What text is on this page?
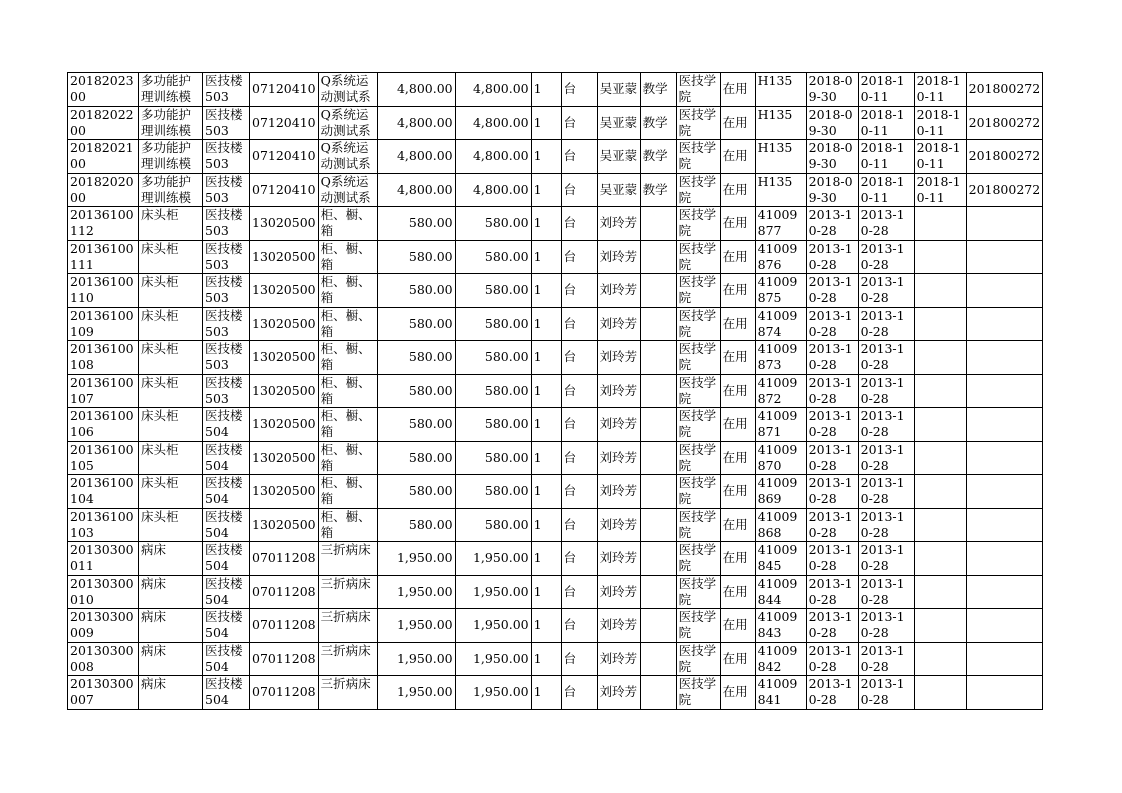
2018202300	多功能护理训练模	医技楼503	07120410	Q系统运动测试系	4,800.00	4,800.00	1	台	吴亚蒙	教学	医技学院	在用	H135	2018-09-30	2018-10-11	2018-10-11	201800272
2018202200	多功能护理训练模	医技楼503	07120410	Q系统运动测试系	4,800.00	4,800.00	1	台	吴亚蒙	教学	医技学院	在用	H135	2018-09-30	2018-10-11	2018-10-11	201800272
2018202100	多功能护理训练模	医技楼503	07120410	Q系统运动测试系	4,800.00	4,800.00	1	台	吴亚蒙	教学	医技学院	在用	H135	2018-09-30	2018-10-11	2018-10-11	201800272
2018202000	多功能护理训练模	医技楼503	07120410	Q系统运动测试系	4,800.00	4,800.00	1	台	吴亚蒙	教学	医技学院	在用	H135	2018-09-30	2018-10-11	2018-10-11	201800272
20136100112	床头柜	医技楼503	13020500	柜、橱、箱	580.00	580.00	1	台	刘玲芳		医技学院	在用	41009877	2013-10-28	2013-10-28		
20136100111	床头柜	医技楼503	13020500	柜、橱、箱	580.00	580.00	1	台	刘玲芳		医技学院	在用	41009876	2013-10-28	2013-10-28		
20136100110	床头柜	医技楼503	13020500	柜、橱、箱	580.00	580.00	1	台	刘玲芳		医技学院	在用	41009875	2013-10-28	2013-10-28		
20136100109	床头柜	医技楼503	13020500	柜、橱、箱	580.00	580.00	1	台	刘玲芳		医技学院	在用	41009874	2013-10-28	2013-10-28		
20136100108	床头柜	医技楼503	13020500	柜、橱、箱	580.00	580.00	1	台	刘玲芳		医技学院	在用	41009873	2013-10-28	2013-10-28		
20136100107	床头柜	医技楼503	13020500	柜、橱、箱	580.00	580.00	1	台	刘玲芳		医技学院	在用	41009872	2013-10-28	2013-10-28		
20136100106	床头柜	医技楼504	13020500	柜、橱、箱	580.00	580.00	1	台	刘玲芳		医技学院	在用	41009871	2013-10-28	2013-10-28		
20136100105	床头柜	医技楼504	13020500	柜、橱、箱	580.00	580.00	1	台	刘玲芳		医技学院	在用	41009870	2013-10-28	2013-10-28		
20136100104	床头柜	医技楼504	13020500	柜、橱、箱	580.00	580.00	1	台	刘玲芳		医技学院	在用	41009869	2013-10-28	2013-10-28		
20136100103	床头柜	医技楼504	13020500	柜、橱、箱	580.00	580.00	1	台	刘玲芳		医技学院	在用	41009868	2013-10-28	2013-10-28		
20130300011	病床	医技楼504	07011208	三折病床	1,950.00	1,950.00	1	台	刘玲芳		医技学院	在用	41009845	2013-10-28	2013-10-28		
20130300010	病床	医技楼504	07011208	三折病床	1,950.00	1,950.00	1	台	刘玲芳		医技学院	在用	41009844	2013-10-28	2013-10-28		
20130300009	病床	医技楼504	07011208	三折病床	1,950.00	1,950.00	1	台	刘玲芳		医技学院	在用	41009843	2013-10-28	2013-10-28		
20130300008	病床	医技楼504	07011208	三折病床	1,950.00	1,950.00	1	台	刘玲芳		医技学院	在用	41009842	2013-10-28	2013-10-28		
20130300007	病床	医技楼504	07011208	三折病床	1,950.00	1,950.00	1	台	刘玲芳		医技学院	在用	41009841	2013-10-28	2013-10-28		
